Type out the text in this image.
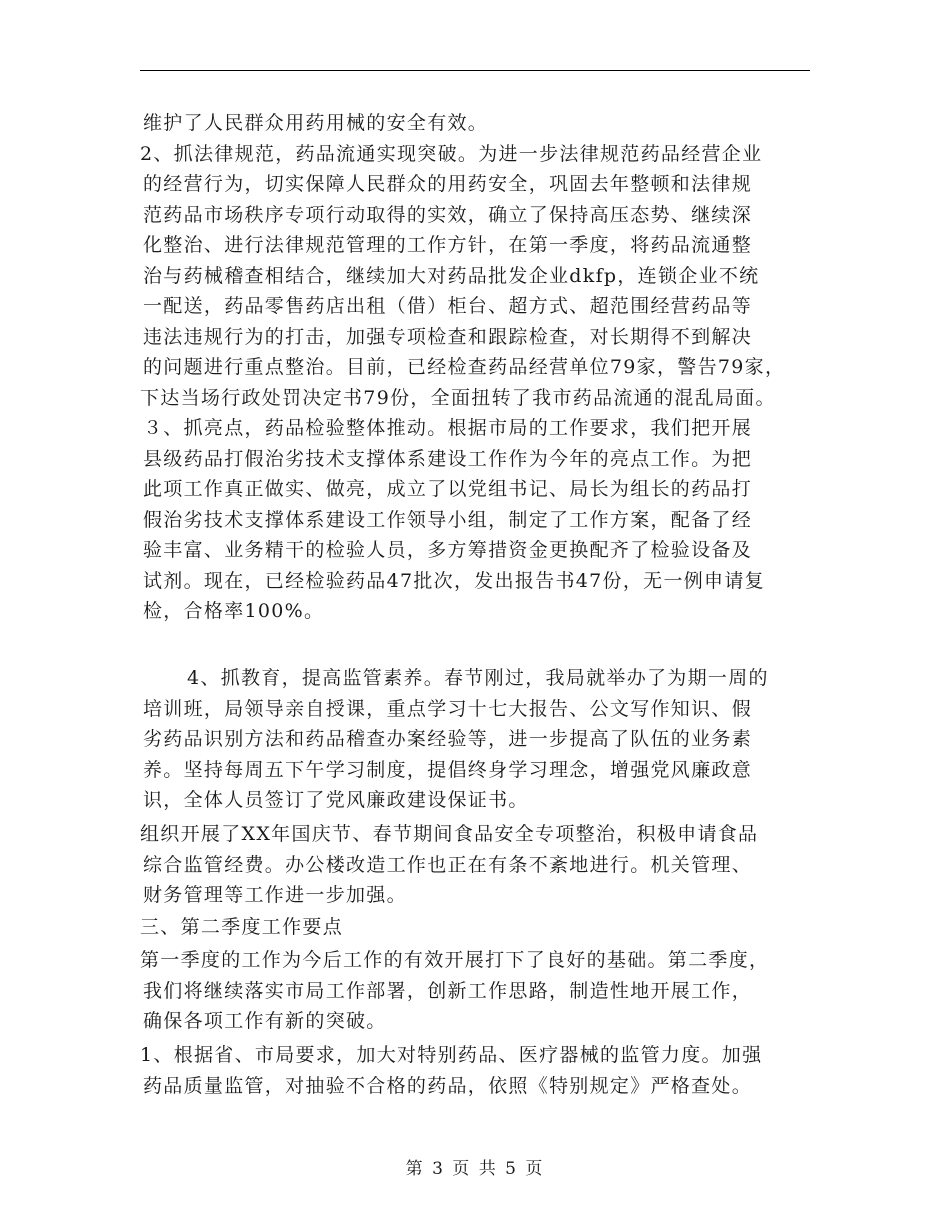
维护了人民群众用药用械的安全有效。
2、抓法律规范，药品流通实现突破。为进一步法律规范药品经营企业
的经营行为，切实保障人民群众的用药安全，巩固去年整顿和法律规
范药品市场秩序专项行动取得的实效，确立了保持高压态势、继续深
化整治、进行法律规范管理的工作方针，在第一季度，将药品流通整
治与药械稽查相结合，继续加大对药品批发企业dkfp，连锁企业不统
一配送，药品零售药店出租（借）柜台、超方式、超范围经营药品等
违法违规行为的打击，加强专项检查和跟踪检查，对长期得不到解决
的问题进行重点整治。目前，已经检查药品经营单位79家，警告79家，
下达当场行政处罚决定书79份，全面扭转了我市药品流通的混乱局面。
３、抓亮点，药品检验整体推动。根据市局的工作要求，我们把开展
县级药品打假治劣技术支撑体系建设工作作为今年的亮点工作。为把
此项工作真正做实、做亮，成立了以党组书记、局长为组长的药品打
假治劣技术支撑体系建设工作领导小组，制定了工作方案，配备了经
验丰富、业务精干的检验人员，多方筹措资金更换配齐了检验设备及
试剂。现在，已经检验药品47批次，发出报告书47份，无一例申请复
检，合格率100%。
4、抓教育，提高监管素养。春节刚过，我局就举办了为期一周的
培训班，局领导亲自授课，重点学习十七大报告、公文写作知识、假
劣药品识别方法和药品稽查办案经验等，进一步提高了队伍的业务素
养。坚持每周五下午学习制度，提倡终身学习理念，增强党风廉政意
识，全体人员签订了党风廉政建设保证书。
组织开展了XX年国庆节、春节期间食品安全专项整治，积极申请食品
综合监管经费。办公楼改造工作也正在有条不紊地进行。机关管理、
财务管理等工作进一步加强。
三、第二季度工作要点
第一季度的工作为今后工作的有效开展打下了良好的基础。第二季度，
我们将继续落实市局工作部署，创新工作思路，制造性地开展工作，
确保各项工作有新的突破。
1、根据省、市局要求，加大对特别药品、医疗器械的监管力度。加强
药品质量监管，对抽验不合格的药品，依照《特别规定》严格查处。
第 3 页 共 5 页
